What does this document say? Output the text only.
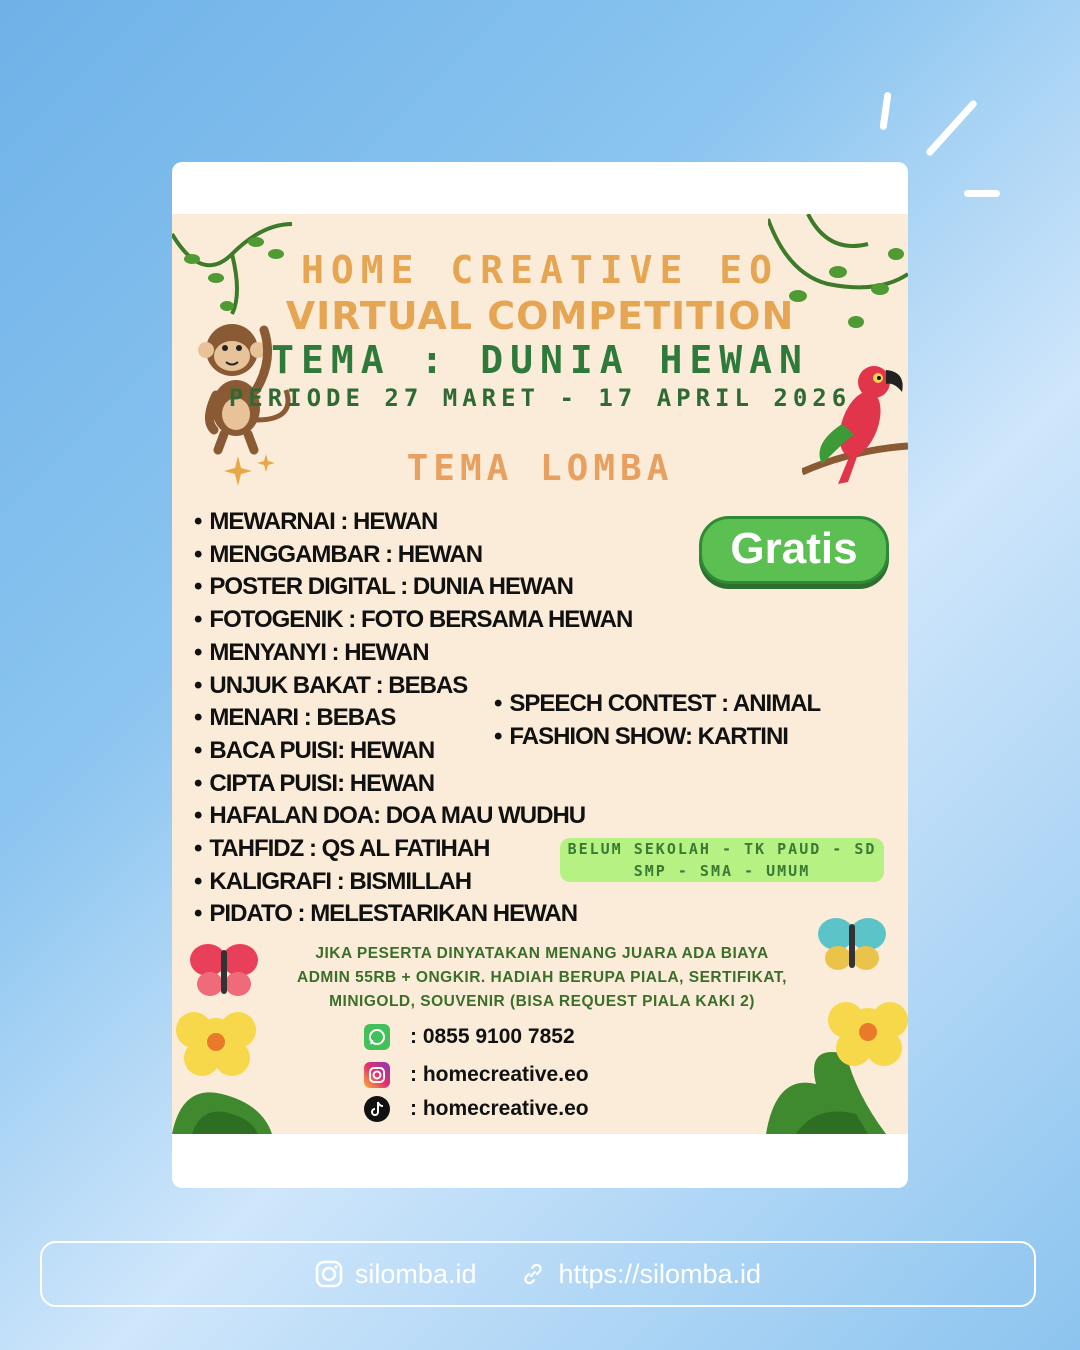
HOME CREATIVE EO
VIRTUAL COMPETITION
TEMA : DUNIA HEWAN
PERIODE 27 MARET - 17 APRIL 2026
TEMA LOMBA
• MEWARNAI : HEWAN
• MENGGAMBAR : HEWAN
• POSTER DIGITAL : DUNIA HEWAN
• FOTOGENIK : FOTO BERSAMA HEWAN
• MENYANYI : HEWAN
• UNJUK BAKAT : BEBAS
• MENARI : BEBAS
• BACA PUISI: HEWAN
• CIPTA PUISI: HEWAN
• HAFALAN DOA: DOA MAU WUDHU
• TAHFIDZ : QS AL FATIHAH
• KALIGRAFI : BISMILLAH
• PIDATO : MELESTARIKAN HEWAN
• SPEECH CONTEST : ANIMAL
• FASHION SHOW: KARTINI
Gratis
BELUM SEKOLAH - TK PAUD - SD
SMP - SMA - UMUM
JIKA PESERTA DINYATAKAN MENANG JUARA ADA BIAYA
ADMIN 55RB + ONGKIR. HADIAH BERUPA PIALA, SERTIFIKAT,
MINIGOLD, SOUVENIR (BISA REQUEST PIALA KAKI 2)
: 0855 9100 7852
: homecreative.eo
: homecreative.eo
silomba.id	https://silomba.id
